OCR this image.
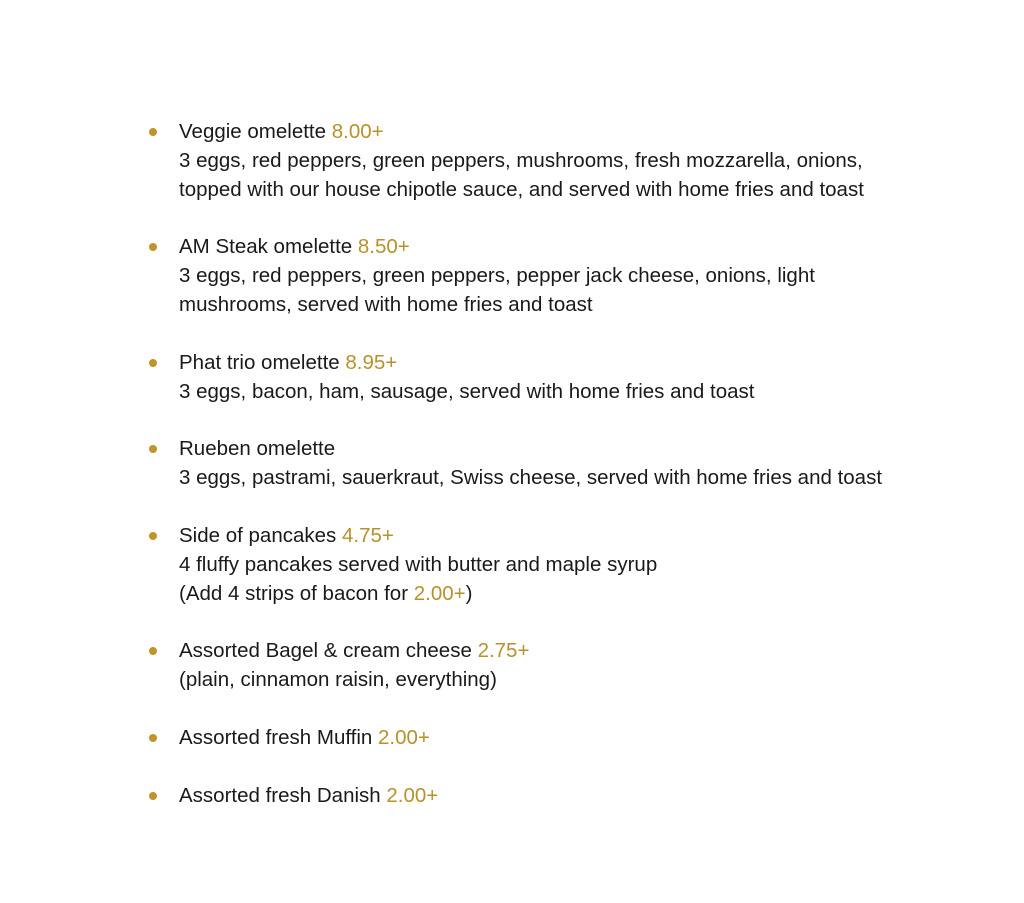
Veggie omelette 8.00+
3 eggs, red peppers, green peppers, mushrooms, fresh mozzarella, onions, topped with our house chipotle sauce, and served with home fries and toast
AM Steak omelette 8.50+
3 eggs, red peppers, green peppers, pepper jack cheese, onions, light mushrooms, served with home fries and toast
Phat trio omelette 8.95+
3 eggs, bacon, ham, sausage, served with home fries and toast
Rueben omelette
3 eggs, pastrami, sauerkraut, Swiss cheese, served with home fries and toast
Side of pancakes 4.75+
4 fluffy pancakes served with butter and maple syrup
(Add 4 strips of bacon for 2.00+)
Assorted Bagel & cream cheese 2.75+
(plain, cinnamon raisin, everything)
Assorted fresh Muffin 2.00+
Assorted fresh Danish 2.00+
